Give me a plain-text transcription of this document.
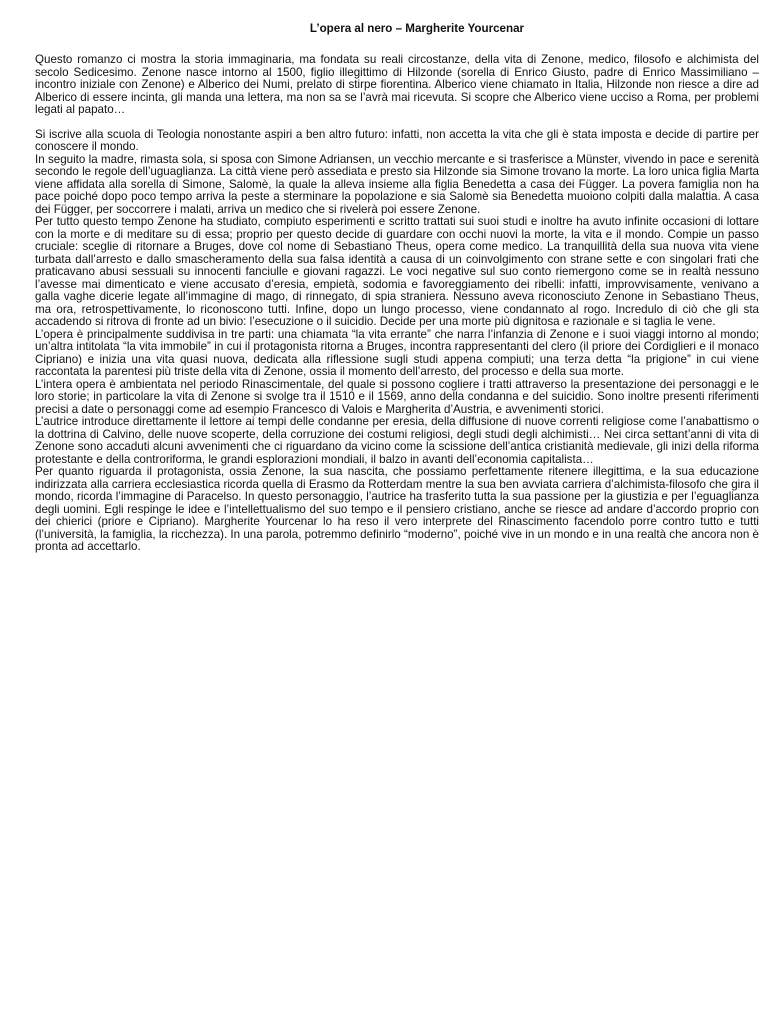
L’opera al nero – Margherite Yourcenar

Questo romanzo ci mostra la storia immaginaria, ma fondata su reali circostanze, della vita di Zenone, medico, filosofo e alchimista del secolo Sedicesimo. Zenone nasce intorno al 1500, figlio illegittimo di Hilzonde (sorella di Enrico Giusto, padre di Enrico Massimiliano – incontro iniziale con Zenone) e Alberico dei Numi, prelato di stirpe fiorentina. Alberico viene chiamato in Italia, Hilzonde non riesce a dire ad Alberico di essere incinta, gli manda una lettera, ma non sa se l’avrà mai ricevuta. Si scopre che Alberico viene ucciso a Roma, per problemi legati al papato…

Si iscrive alla scuola di Teologia nonostante aspiri a ben altro futuro: infatti, non accetta la vita che gli è stata imposta e decide di partire per conoscere il mondo.

In seguito la madre, rimasta sola, si sposa con Simone Adriansen, un vecchio mercante e si trasferisce a Münster, vivendo in pace e serenità secondo le regole dell’uguaglianza. La città viene però assediata e presto sia Hilzonde sia Simone trovano la morte. La loro unica figlia Marta viene affidata alla sorella di Simone, Salomè, la quale la alleva insieme alla figlia Benedetta a casa dei Függer. La povera famiglia non ha pace poiché dopo poco tempo arriva la peste a sterminare la popolazione e sia Salomè sia Benedetta muoiono colpiti dalla malattia. A casa dei Függer, per soccorrere i malati, arriva un medico che si rivelerà poi essere Zenone.

Per tutto questo tempo Zenone ha studiato, compiuto esperimenti e scritto trattati sui suoi studi e inoltre ha avuto infinite occasioni di lottare con la morte e di meditare su di essa; proprio per questo decide di guardare con occhi nuovi la morte, la vita e il mondo. Compie un passo cruciale: sceglie di ritornare a Bruges, dove col nome di Sebastiano Theus, opera come medico. La tranquillità della sua nuova vita viene turbata dall’arresto e dallo smascheramento della sua falsa identità a causa di un coinvolgimento con strane sette e con singolari frati che praticavano abusi sessuali su innocenti fanciulle e giovani ragazzi. Le voci negative sul suo conto riemergono come se in realtà nessuno l’avesse mai dimenticato e viene accusato d’eresia, empietà, sodomia e favoreggiamento dei ribelli: infatti, improvvisamente, venivano a galla vaghe dicerie legate all’immagine di mago, di rinnegato, di spia straniera. Nessuno aveva riconosciuto Zenone in Sebastiano Theus, ma ora, retrospettivamente, lo riconoscono tutti. Infine, dopo un lungo processo, viene condannato al rogo. Incredulo di ciò che gli sta accadendo si ritrova di fronte ad un bivio: l’esecuzione o il suicidio. Decide per una morte più dignitosa e razionale e si taglia le vene.

L’opera è principalmente suddivisa in tre parti: una chiamata “la vita errante” che narra l’infanzia di Zenone e i suoi viaggi intorno al mondo; un’altra intitolata “la vita immobile” in cui il protagonista ritorna a Bruges, incontra rappresentanti del clero (il priore dei Cordiglieri e il monaco Cipriano) e inizia una vita quasi nuova, dedicata alla riflessione sugli studi appena compiuti; una terza detta “la prigione” in cui viene raccontata la parentesi più triste della vita di Zenone, ossia il momento dell’arresto, del processo e della sua morte.

L’intera opera è ambientata nel periodo Rinascimentale, del quale si possono cogliere i tratti attraverso la presentazione dei personaggi e le loro storie; in particolare la vita di Zenone si svolge tra il 1510 e il 1569, anno della condanna e del suicidio. Sono inoltre presenti riferimenti precisi a date o personaggi come ad esempio Francesco di Valois e Margherita d’Austria, e avvenimenti storici.

L’autrice introduce direttamente il lettore ai tempi delle condanne per eresia, della diffusione di nuove correnti religiose come l’anabattismo o la dottrina di Calvino, delle nuove scoperte, della corruzione dei costumi religiosi, degli studi degli alchimisti… Nei circa settant’anni di vita di Zenone sono accaduti alcuni avvenimenti che ci riguardano da vicino come la scissione dell’antica cristianità medievale, gli inizi della riforma protestante e della controriforma, le grandi esplorazioni mondiali, il balzo in avanti dell’economia capitalista…

Per quanto riguarda il protagonista, ossia Zenone, la sua nascita, che possiamo perfettamente ritenere illegittima, e la sua educazione indirizzata alla carriera ecclesiastica ricorda quella di Erasmo da Rotterdam mentre la sua ben avviata carriera d’alchimista-filosofo che gira il mondo, ricorda l’immagine di Paracelso. In questo personaggio, l’autrice ha trasferito tutta la sua passione per la giustizia e per l’eguaglianza degli uomini. Egli respinge le idee e l’intellettualismo del suo tempo e il pensiero cristiano, anche se riesce ad andare d’accordo proprio con dei chierici (priore e Cipriano). Margherite Yourcenar lo ha reso il vero interprete del Rinascimento facendolo porre contro tutto e tutti (l’università, la famiglia, la ricchezza). In una parola, potremmo definirlo “moderno”, poiché vive in un mondo e in una realtà che ancora non è pronta ad accettarlo.
